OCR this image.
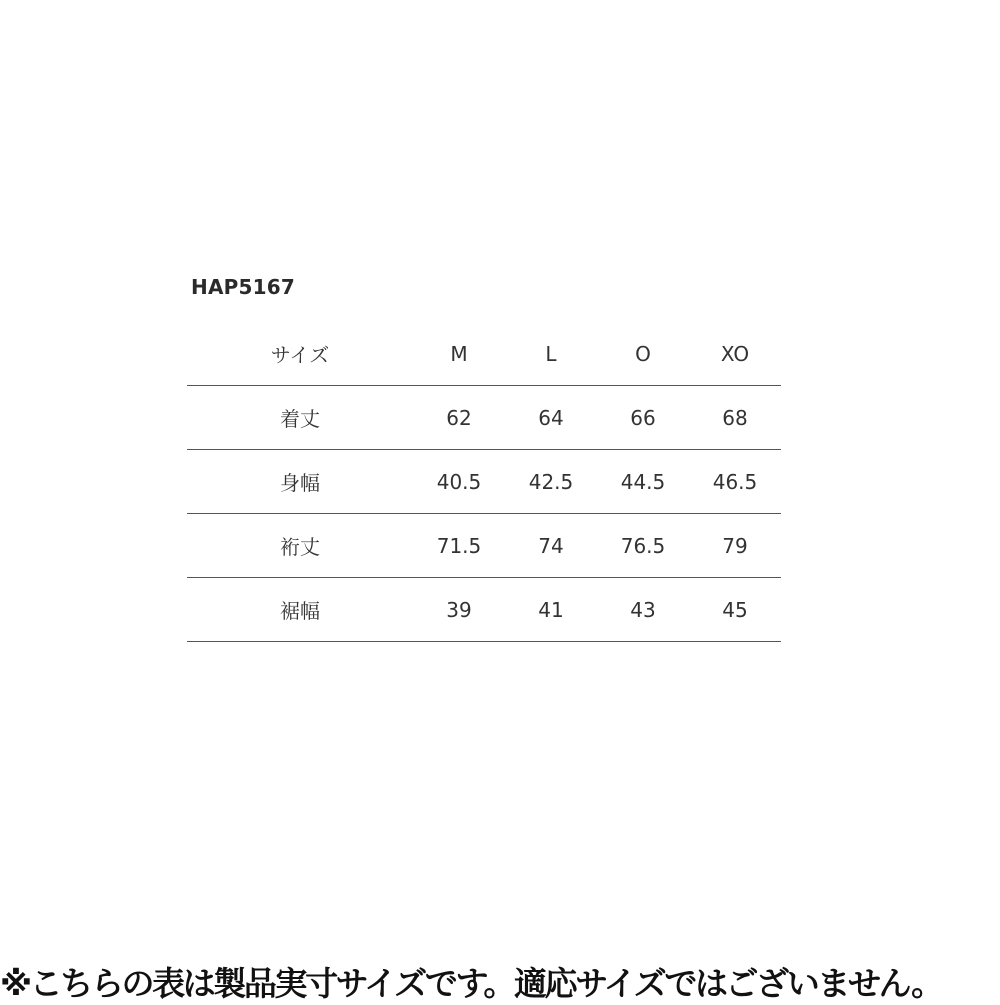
HAP5167
サイズ	M	L	O	XO
着丈	62	64	66	68
身幅	40.5	42.5	44.5	46.5
裄丈	71.5	74	76.5	79
裾幅	39	41	43	45
※こちらの表は製品実寸サイズです。適応サイズではございません。
